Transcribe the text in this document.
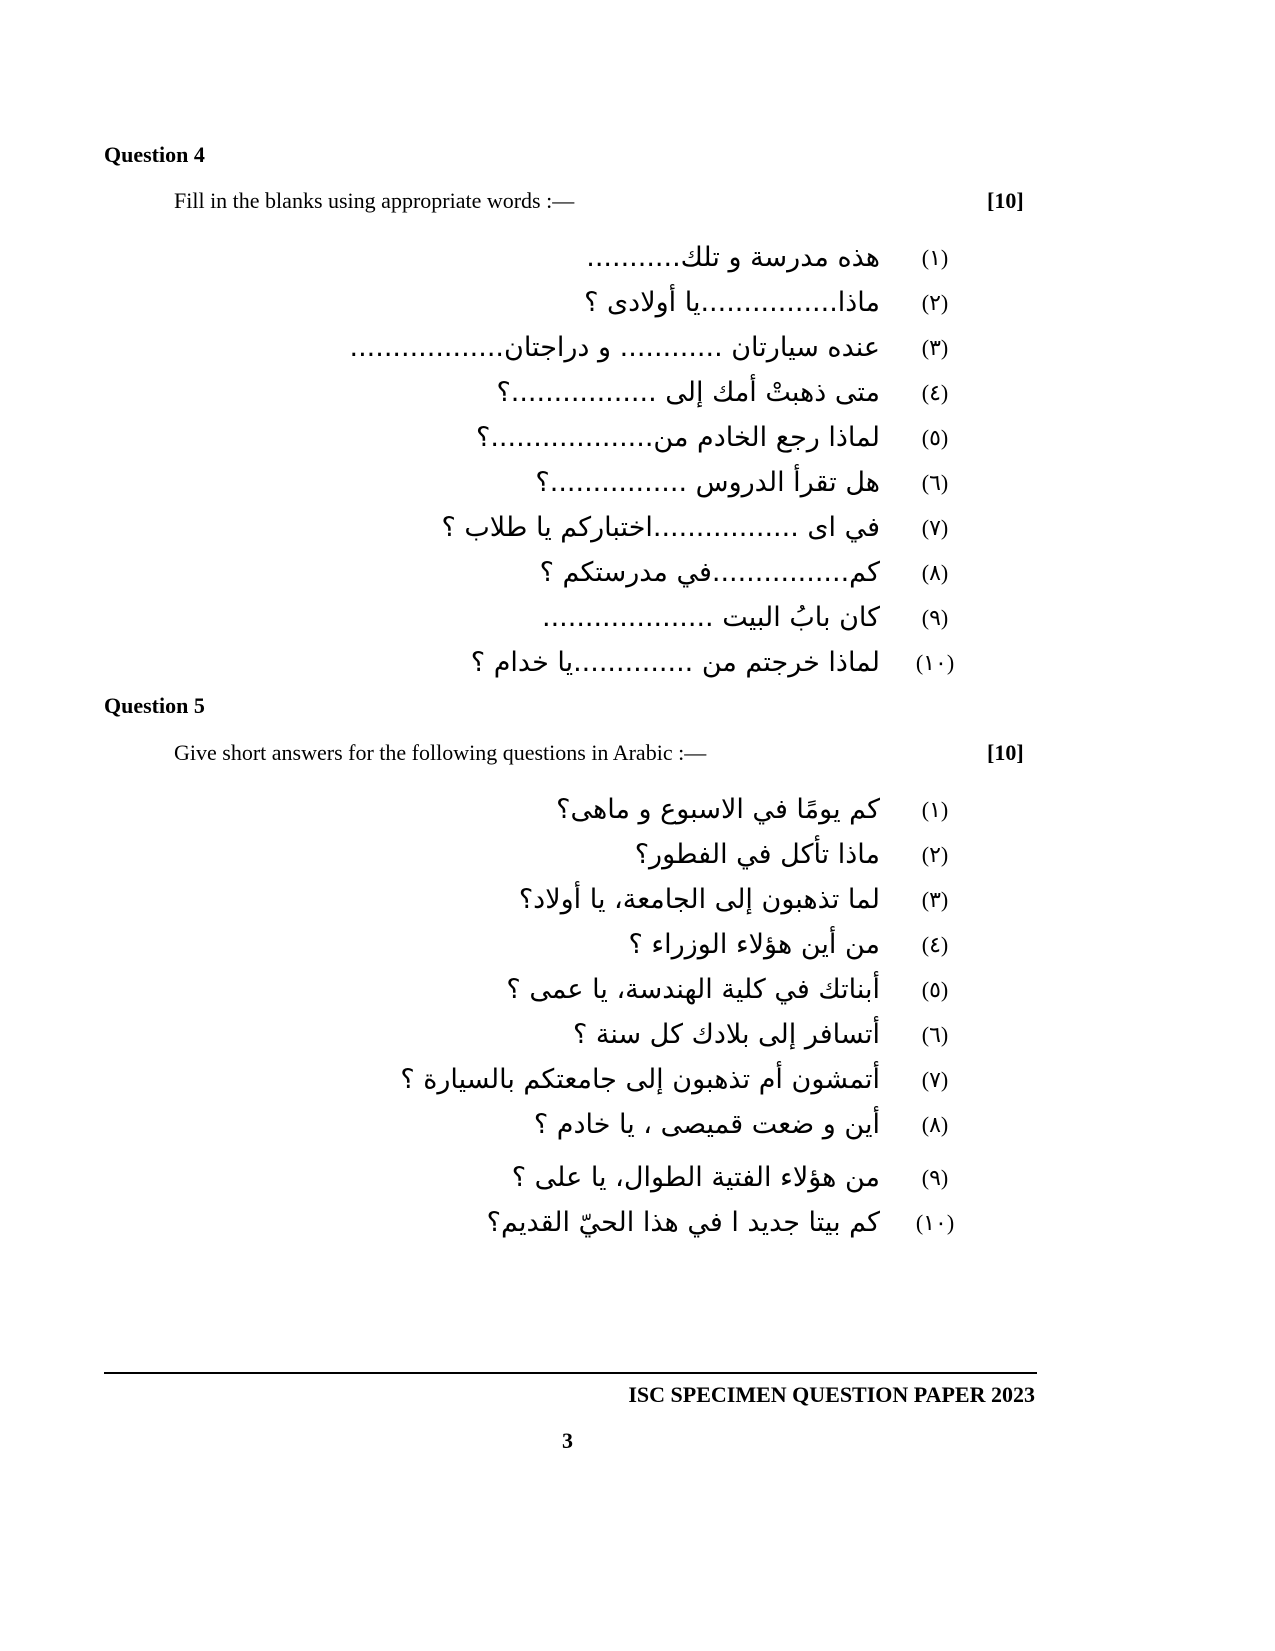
Question 4
Fill in the blanks using appropriate words :—	[10]
(١)
هذه مدرسة و تلك...........
(٢)
ماذا................يا أولادى ؟
(٣)
عنده سيارتان ............ و دراجتان..................
(٤)
متى ذهبتْ أمك إلى .................؟
(٥)
لماذا رجع الخادم من...................؟
(٦)
هل تقرأ الدروس ................؟
(٧)
في اى .................اختباركم يا طلاب ؟
(٨)
كم................في مدرستكم ؟
(٩)
كان بابُ البيت ....................
(١٠)
لماذا خرجتم من ..............يا خدام ؟
Question 5
Give short answers for the following questions in Arabic :—	[10]
(١)
كم يومًا في الاسبوع و ماهى؟
(٢)
ماذا تأكل في الفطور؟
(٣)
لما تذهبون إلى الجامعة، يا أولاد؟
(٤)
من أين هؤلاء الوزراء ؟
(٥)
أبناتك في كلية الهندسة، يا عمى ؟
(٦)
أتسافر إلى بلادك كل سنة ؟
(٧)
أتمشون أم تذهبون إلى جامعتكم بالسيارة ؟
(٨)
أين و ضعت قميصى ، يا خادم ؟
(٩)
من هؤلاء الفتية الطوال، يا على ؟
(١٠)
كم بيتا جديد ا في هذا الحيّ القديم؟
ISC SPECIMEN QUESTION PAPER 2023
3
